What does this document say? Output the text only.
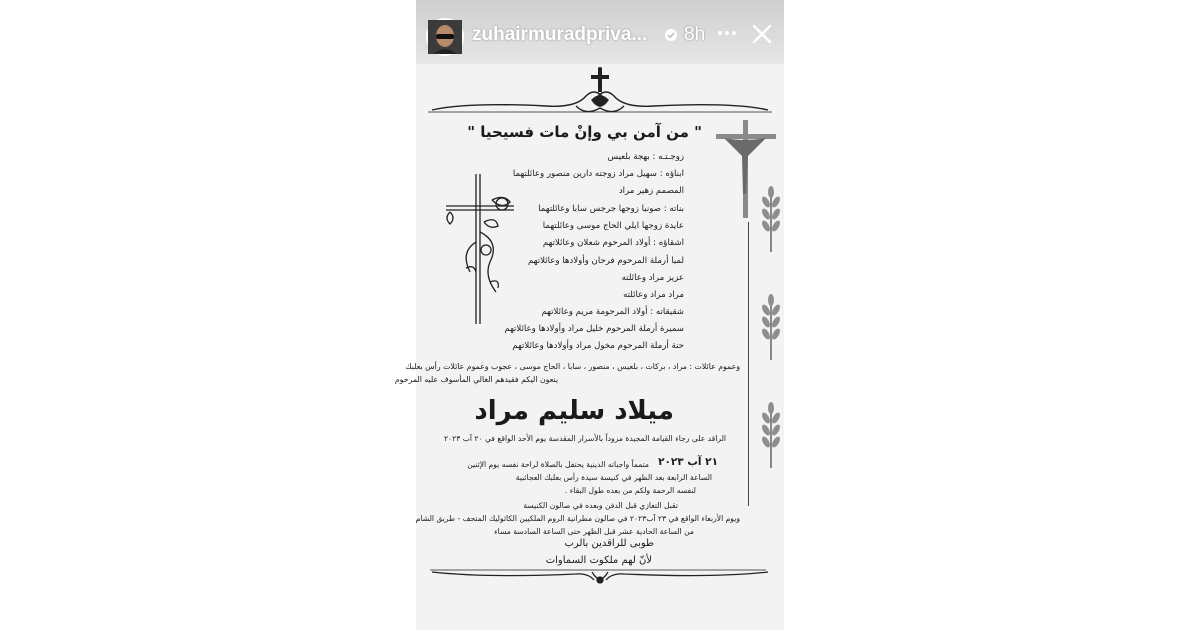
zuhairmuradpriva... 8h
" من آمن بي وإنْ مات فسيحيا "
زوجـتـه : بهجة بلعيس
ابناؤه : سهيل مراد زوجته دارين منصور وعائلتهما
المصمم زهير مراد
بناته : صونيا زوجها جرجس سابا وعائلتهما
عايدة زوجها ايلي الحاج موسى وعائلتهما
اشقاؤه : أولاد المرحوم شعلان وعائلاتهم
لميا أرملة المرحوم فرحان وأولادها وعائلاتهم
عزيز مراد وعائلته
مراد مراد وعائلته
شقيقاته : أولاد المرحومة مريم وعائلاتهم
سميرة أرملة المرحوم خليل مراد وأولادها وعائلاتهم
حنة أرملة المرحوم مخول مراد وأولادها وعائلاتهم
وعموم عائلات : مراد ، بركات ، بلعيس ، منصور ، سابا ، الحاج موسى ، عجوب وعموم عائلات رأس بعلبك
ينعون اليكم فقيدهم الغالي المأسوف عليه المرحوم
ميلاد سليم مراد
الراقد على رجاء القيامة المجيدة مزوداً بالأسرار المقدسة يوم الأحد الواقع في ٢٠ آب ٢٠٢٣
متمماً واجباته الدينية يحتفل بالصلاة لراحة نفسه يوم الإثنين ٢١ آب ٢٠٢٣
الساعة الرابعة بعد الظهر في كنيسة سيدة رأس بعلبك العجائبية
لنفسه الرحمة ولكم من بعده طول البقاء .
تقبل التعازي قبل الدفن وبعده في صالون الكنيسة
ويوم الأربعاء الواقع في ٢٣ آب٢٠٢٣ في صالون مطرانية الروم الملكيين الكاثوليك المتحف - طريق الشام
من الساعة الحادية عشر قبل الظهر حتى الساعة السادسة مساء
طوبى للراقدين بالرب
لأنّ لهم ملكوت السماوات
